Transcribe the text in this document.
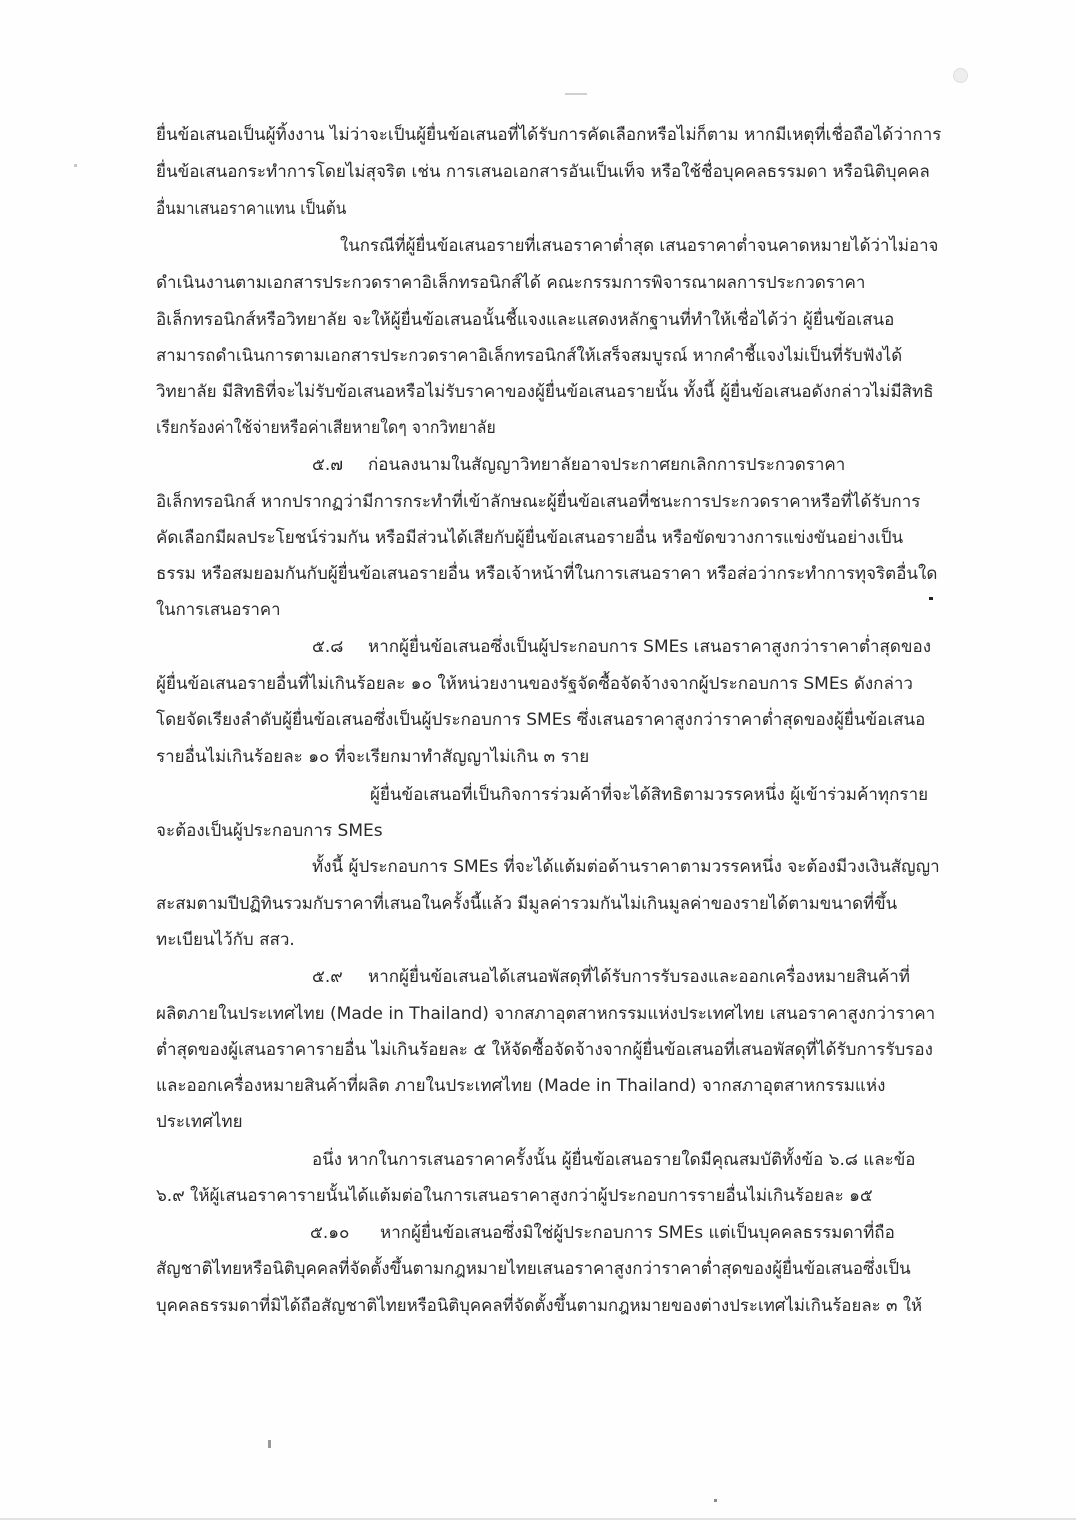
ยื่นข้อเสนอเป็นผู้ทิ้งงาน ไม่ว่าจะเป็นผู้ยื่นข้อเสนอที่ได้รับการคัดเลือกหรือไม่ก็ตาม หากมีเหตุที่เชื่อถือได้ว่าการ
ยื่นข้อเสนอกระทำการโดยไม่สุจริต เช่น การเสนอเอกสารอันเป็นเท็จ หรือใช้ชื่อบุคคลธรรมดา หรือนิติบุคคล
อื่นมาเสนอราคาแทน เป็นต้น
ในกรณีที่ผู้ยื่นข้อเสนอรายที่เสนอราคาต่ำสุด เสนอราคาต่ำจนคาดหมายได้ว่าไม่อาจ
ดำเนินงานตามเอกสารประกวดราคาอิเล็กทรอนิกส์ได้ คณะกรรมการพิจารณาผลการประกวดราคา
อิเล็กทรอนิกส์หรือวิทยาลัย จะให้ผู้ยื่นข้อเสนอนั้นชี้แจงและแสดงหลักฐานที่ทำให้เชื่อได้ว่า ผู้ยื่นข้อเสนอ
สามารถดำเนินการตามเอกสารประกวดราคาอิเล็กทรอนิกส์ให้เสร็จสมบูรณ์ หากคำชี้แจงไม่เป็นที่รับฟังได้
วิทยาลัย มีสิทธิที่จะไม่รับข้อเสนอหรือไม่รับราคาของผู้ยื่นข้อเสนอรายนั้น ทั้งนี้ ผู้ยื่นข้อเสนอดังกล่าวไม่มีสิทธิ
เรียกร้องค่าใช้จ่ายหรือค่าเสียหายใดๆ จากวิทยาลัย
๕.๗	ก่อนลงนามในสัญญาวิทยาลัยอาจประกาศยกเลิกการประกวดราคา
อิเล็กทรอนิกส์ หากปรากฏว่ามีการกระทำที่เข้าลักษณะผู้ยื่นข้อเสนอที่ชนะการประกวดราคาหรือที่ได้รับการ
คัดเลือกมีผลประโยชน์ร่วมกัน หรือมีส่วนได้เสียกับผู้ยื่นข้อเสนอรายอื่น หรือขัดขวางการแข่งขันอย่างเป็น
ธรรม หรือสมยอมกันกับผู้ยื่นข้อเสนอรายอื่น หรือเจ้าหน้าที่ในการเสนอราคา หรือส่อว่ากระทำการทุจริตอื่นใด
ในการเสนอราคา
๕.๘	หากผู้ยื่นข้อเสนอซึ่งเป็นผู้ประกอบการ SMEs เสนอราคาสูงกว่าราคาต่ำสุดของ
ผู้ยื่นข้อเสนอรายอื่นที่ไม่เกินร้อยละ ๑๐ ให้หน่วยงานของรัฐจัดซื้อจัดจ้างจากผู้ประกอบการ SMEs ดังกล่าว
โดยจัดเรียงลำดับผู้ยื่นข้อเสนอซึ่งเป็นผู้ประกอบการ SMEs ซึ่งเสนอราคาสูงกว่าราคาต่ำสุดของผู้ยื่นข้อเสนอ
รายอื่นไม่เกินร้อยละ ๑๐ ที่จะเรียกมาทำสัญญาไม่เกิน ๓ ราย
ผู้ยื่นข้อเสนอที่เป็นกิจการร่วมค้าที่จะได้สิทธิตามวรรคหนึ่ง ผู้เข้าร่วมค้าทุกราย
จะต้องเป็นผู้ประกอบการ SMEs
ทั้งนี้ ผู้ประกอบการ SMEs ที่จะได้แต้มต่อด้านราคาตามวรรคหนึ่ง จะต้องมีวงเงินสัญญา
สะสมตามปีปฏิทินรวมกับราคาที่เสนอในครั้งนี้แล้ว มีมูลค่ารวมกันไม่เกินมูลค่าของรายได้ตามขนาดที่ขึ้น
ทะเบียนไว้กับ สสว.
๕.๙	หากผู้ยื่นข้อเสนอได้เสนอพัสดุที่ได้รับการรับรองและออกเครื่องหมายสินค้าที่
ผลิตภายในประเทศไทย (Made in Thailand) จากสภาอุตสาหกรรมแห่งประเทศไทย เสนอราคาสูงกว่าราคา
ต่ำสุดของผู้เสนอราคารายอื่น ไม่เกินร้อยละ ๕ ให้จัดซื้อจัดจ้างจากผู้ยื่นข้อเสนอที่เสนอพัสดุที่ได้รับการรับรอง
และออกเครื่องหมายสินค้าที่ผลิต ภายในประเทศไทย (Made in Thailand) จากสภาอุตสาหกรรมแห่ง
ประเทศไทย
อนึ่ง หากในการเสนอราคาครั้งนั้น ผู้ยื่นข้อเสนอรายใดมีคุณสมบัติทั้งข้อ ๖.๘ และข้อ
๖.๙ ให้ผู้เสนอราคารายนั้นได้แต้มต่อในการเสนอราคาสูงกว่าผู้ประกอบการรายอื่นไม่เกินร้อยละ ๑๕
๕.๑๐	หากผู้ยื่นข้อเสนอซึ่งมิใช่ผู้ประกอบการ SMEs แต่เป็นบุคคลธรรมดาที่ถือ
สัญชาติไทยหรือนิติบุคคลที่จัดตั้งขึ้นตามกฎหมายไทยเสนอราคาสูงกว่าราคาต่ำสุดของผู้ยื่นข้อเสนอซึ่งเป็น
บุคคลธรรมดาที่มิได้ถือสัญชาติไทยหรือนิติบุคคลที่จัดตั้งขึ้นตามกฎหมายของต่างประเทศไม่เกินร้อยละ ๓ ให้
